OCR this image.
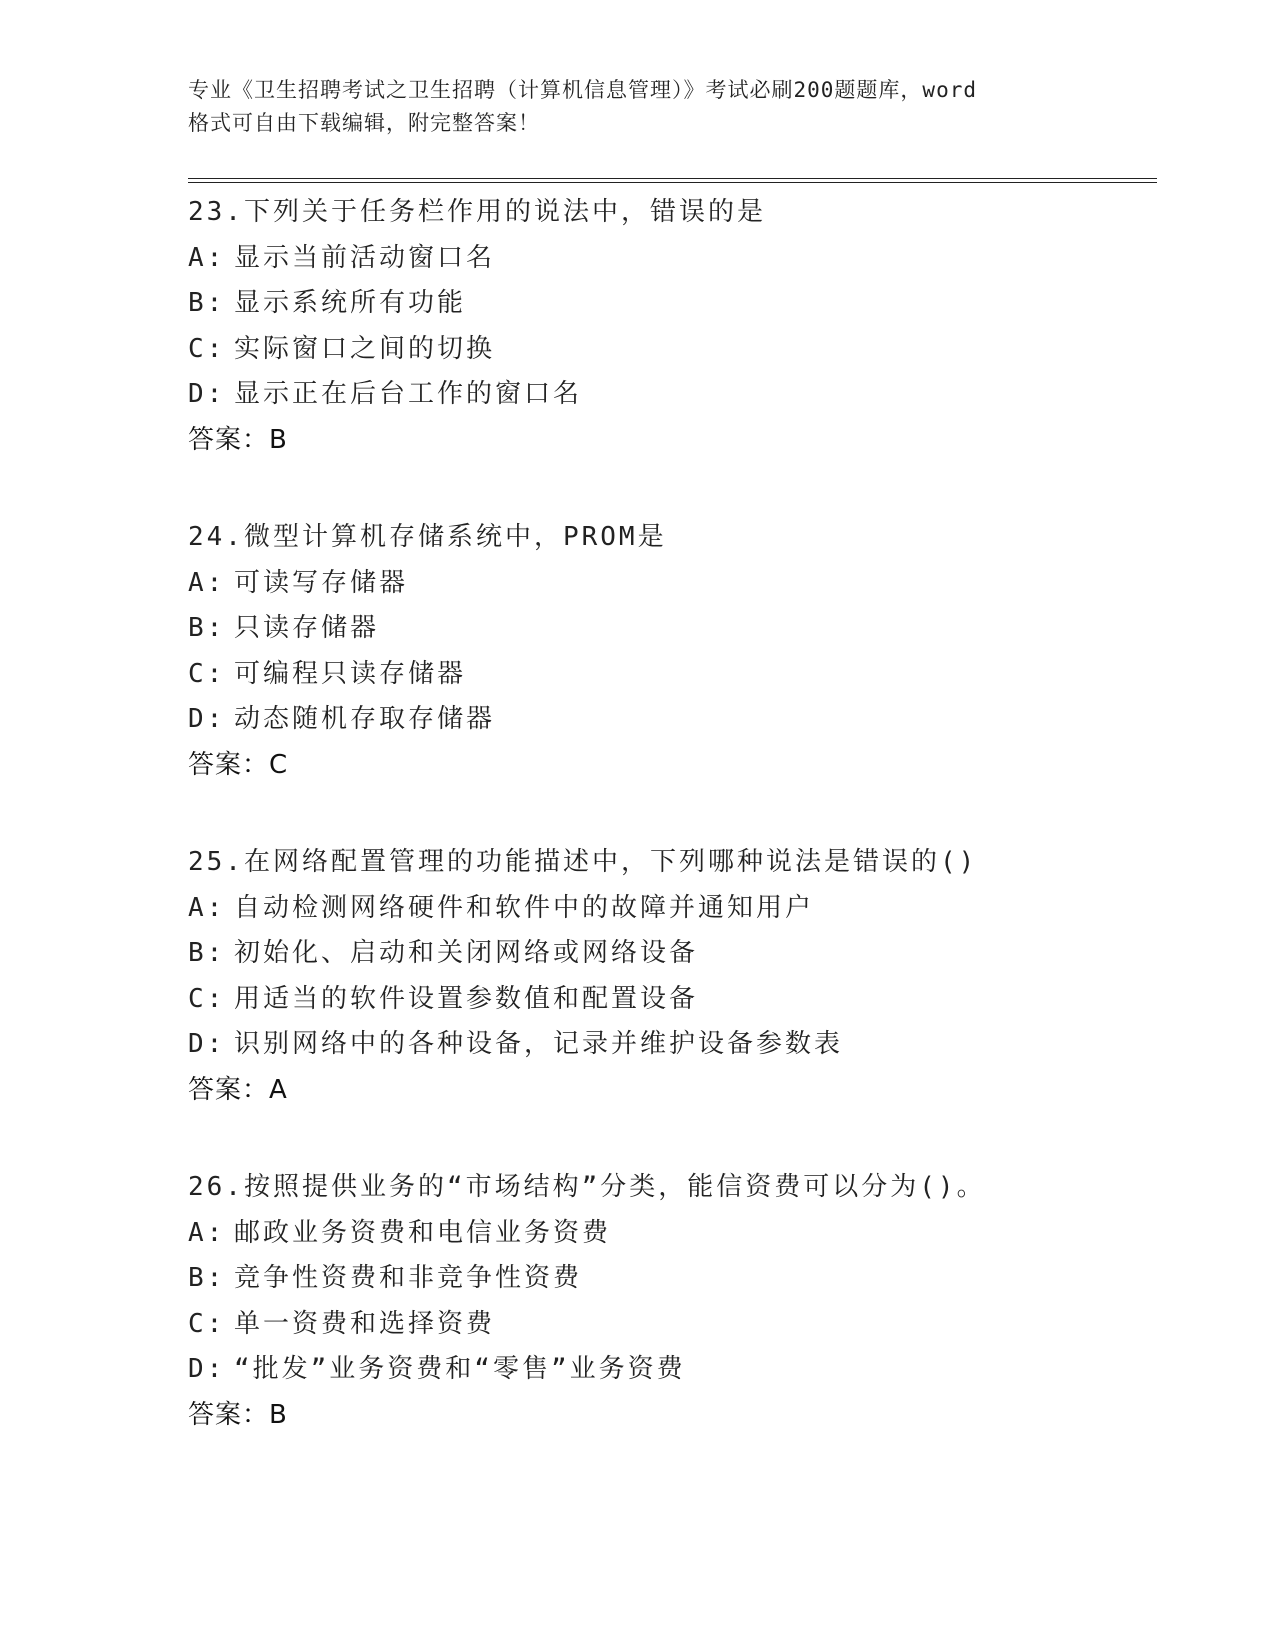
专业《卫生招聘考试之卫生招聘（计算机信息管理）》考试必刷200题题库，word
格式可自由下载编辑，附完整答案！
23.下列关于任务栏作用的说法中，错误的是
A: 显示当前活动窗口名
B: 显示系统所有功能
C: 实际窗口之间的切换
D: 显示正在后台工作的窗口名
答案：B
24.微型计算机存储系统中，PROM是
A: 可读写存储器
B: 只读存储器
C: 可编程只读存储器
D: 动态随机存取存储器
答案：C
25.在网络配置管理的功能描述中，下列哪种说法是错误的()
A: 自动检测网络硬件和软件中的故障并通知用户
B: 初始化、启动和关闭网络或网络设备
C: 用适当的软件设置参数值和配置设备
D: 识别网络中的各种设备，记录并维护设备参数表
答案：A
26.按照提供业务的“市场结构”分类，能信资费可以分为()。
A: 邮政业务资费和电信业务资费
B: 竞争性资费和非竞争性资费
C: 单一资费和选择资费
D: “批发”业务资费和“零售”业务资费
答案：B
